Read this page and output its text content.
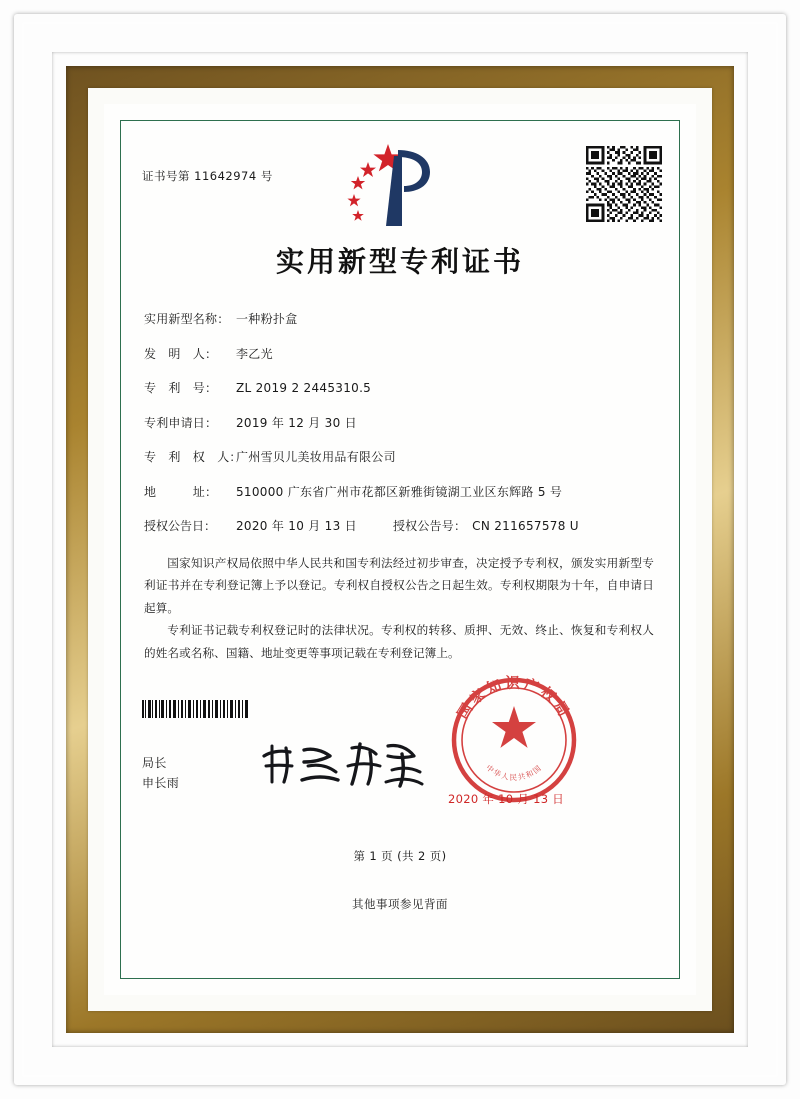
证书号第 11642974 号
实用新型专利证书
实用新型名称： 一种粉扑盒
发　明　人：	李乙光
专　利　号：	ZL 2019 2 2445310.5
专利申请日：	2019 年 12 月 30 日
专　利　权　人：
广州雪贝儿美妆用品有限公司
地　　　址：	510000 广东省广州市花都区新雅街镜湖工业区东辉路 5 号
授权公告日：	2020 年 10 月 13 日	授权公告号： CN 211657578 U

国家知识产权局依照中华人民共和国专利法经过初步审查，决定授予专利权，颁发实用新型专利证书并在专利登记簿上予以登记。专利权自授权公告之日起生效。专利权期限为十年，自申请日起算。

专利证书记载专利权登记时的法律状况。专利权的转移、质押、无效、终止、恢复和专利权人的姓名或名称、国籍、地址变更等事项记载在专利登记簿上。

局长
申长雨
国家知识产权局
中华人民共和国
2020 年 10 月 13 日
第 1 页 (共 2 页)
其他事项参见背面
